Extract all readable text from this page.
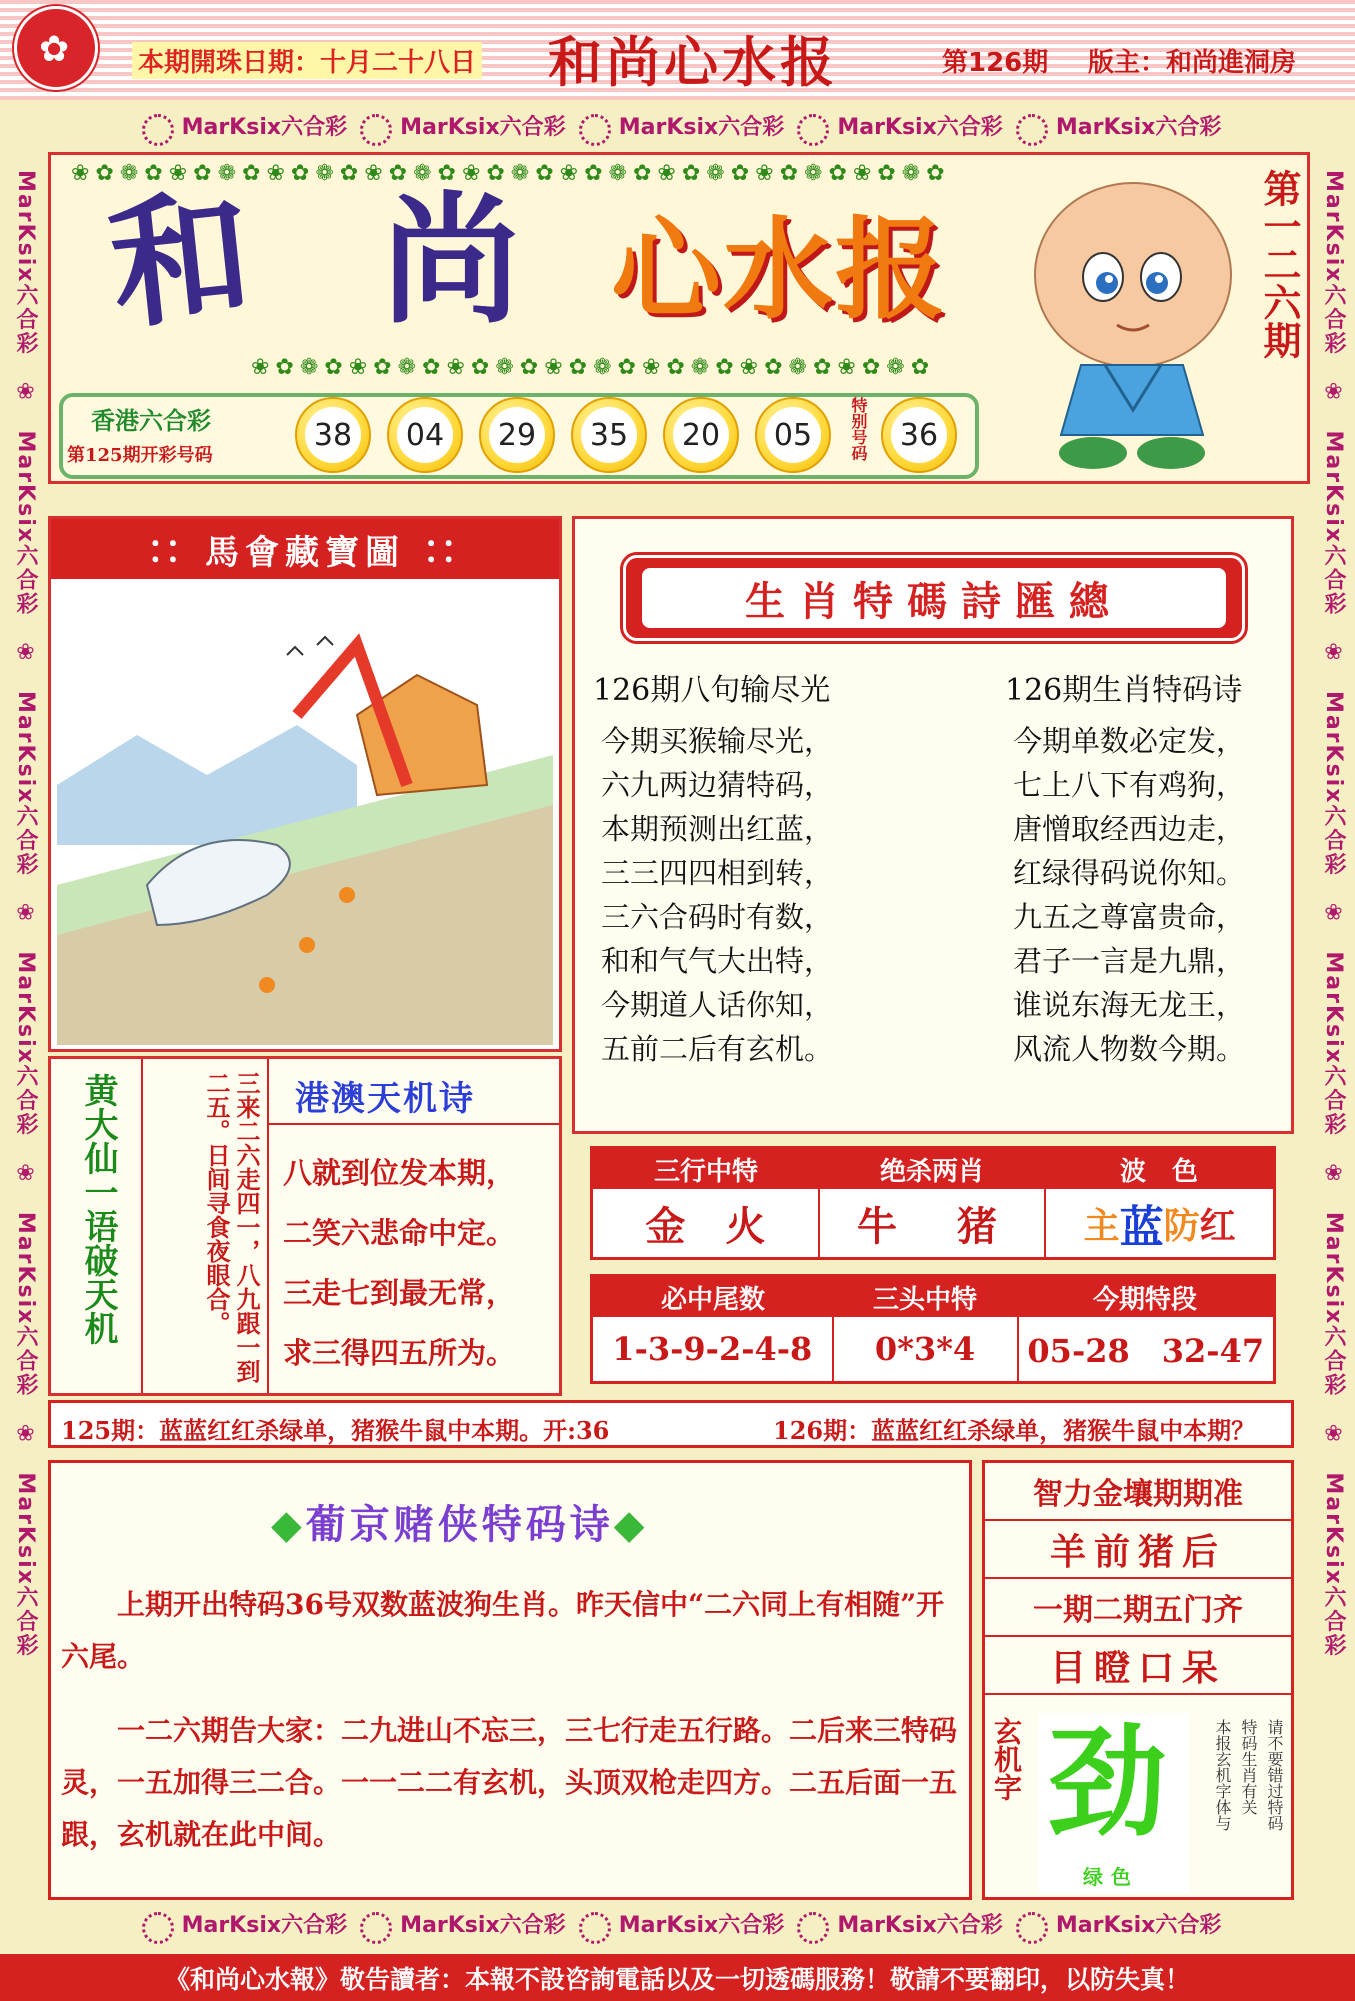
✿	本期開珠日期：十月二十八日 和尚心水报	第126期 版主：和尚進洞房
MarKsix六合彩 MarKsix六合彩 MarKsix六合彩 MarKsix六合彩 MarKsix六合彩
MarKsix六合彩 MarKsix六合彩 MarKsix六合彩 MarKsix六合彩 MarKsix六合彩
MarKsix六合彩　❀　MarKsix六合彩　❀　MarKsix六合彩　❀　MarKsix六合彩　❀　MarKsix六合彩　❀　MarKsix六合彩
MarKsix六合彩　❀　MarKsix六合彩　❀　MarKsix六合彩　❀　MarKsix六合彩　❀　MarKsix六合彩　❀　MarKsix六合彩
❀✿❁✿❀✿❁✿❀✿❁✿❀✿❁✿❀✿❁✿❀✿❁✿❀✿❁✿❀✿❁✿❀✿❁✿
和 尚 心水报
❀✿❁✿❀✿❁✿❀✿❁✿❀✿❁✿❀✿❁✿❀✿❁✿❀✿❁✿
第一二六期
香港六合彩
第125期开彩号码
38 04 29 35 20 05	特别号码 36
∷ 馬會藏寶圖 ∷
生肖特碼詩匯總
126期八句输尽光
今期买猴输尽光，
六九两边猜特码，
本期预测出红蓝，
三三四四相到转，
三六合码时有数，
和和气气大出特，
今期道人话你知，
五前二后有玄机。
126期生肖特码诗
今期单数必定发，
七上八下有鸡狗，
唐憎取经西边走，
红绿得码说你知。
九五之尊富贵命，
君子一言是九鼎，
谁说东海无龙王，
风流人物数今期。
黄大仙一语破天机	三来二六走四一，八九跟一到二五。日间寻食夜眼合。
港澳天机诗
八就到位发本期，
二笑六悲命中定。
三走七到最无常，
求三得四五所为。
三行中特	绝杀两肖	波　色
金　火	牛　猪	主 蓝 防 红
必中尾数	三头中特	今期特段
1-3-9-2-4-8	0*3*4	05-28　32-47
125期：蓝蓝红红杀绿单，猪猴牛鼠中本期。开:36	126期：蓝蓝红红杀绿单，猪猴牛鼠中本期？
◆葡京赌侠特码诗◆
上期开出特码36号双数蓝波狗生肖。昨天信中“二六同上有相随”开六尾。
一二六期告大家：二九进山不忘三，三七行走五行路。二后来三特码灵，一五加得三二合。一一二二有玄机，头顶双枪走四方。二五后面一五跟，玄机就在此中间。
智力金壤期期准
羊前猪后
一期二期五门齐
目瞪口呆
玄机字 劲
绿色
请不要错过特码
特码生肖有关
本报玄机字体与
《和尚心水報》敬告讀者：本報不設咨詢電話以及一切透碼服務！敬請不要翻印，以防失真！
